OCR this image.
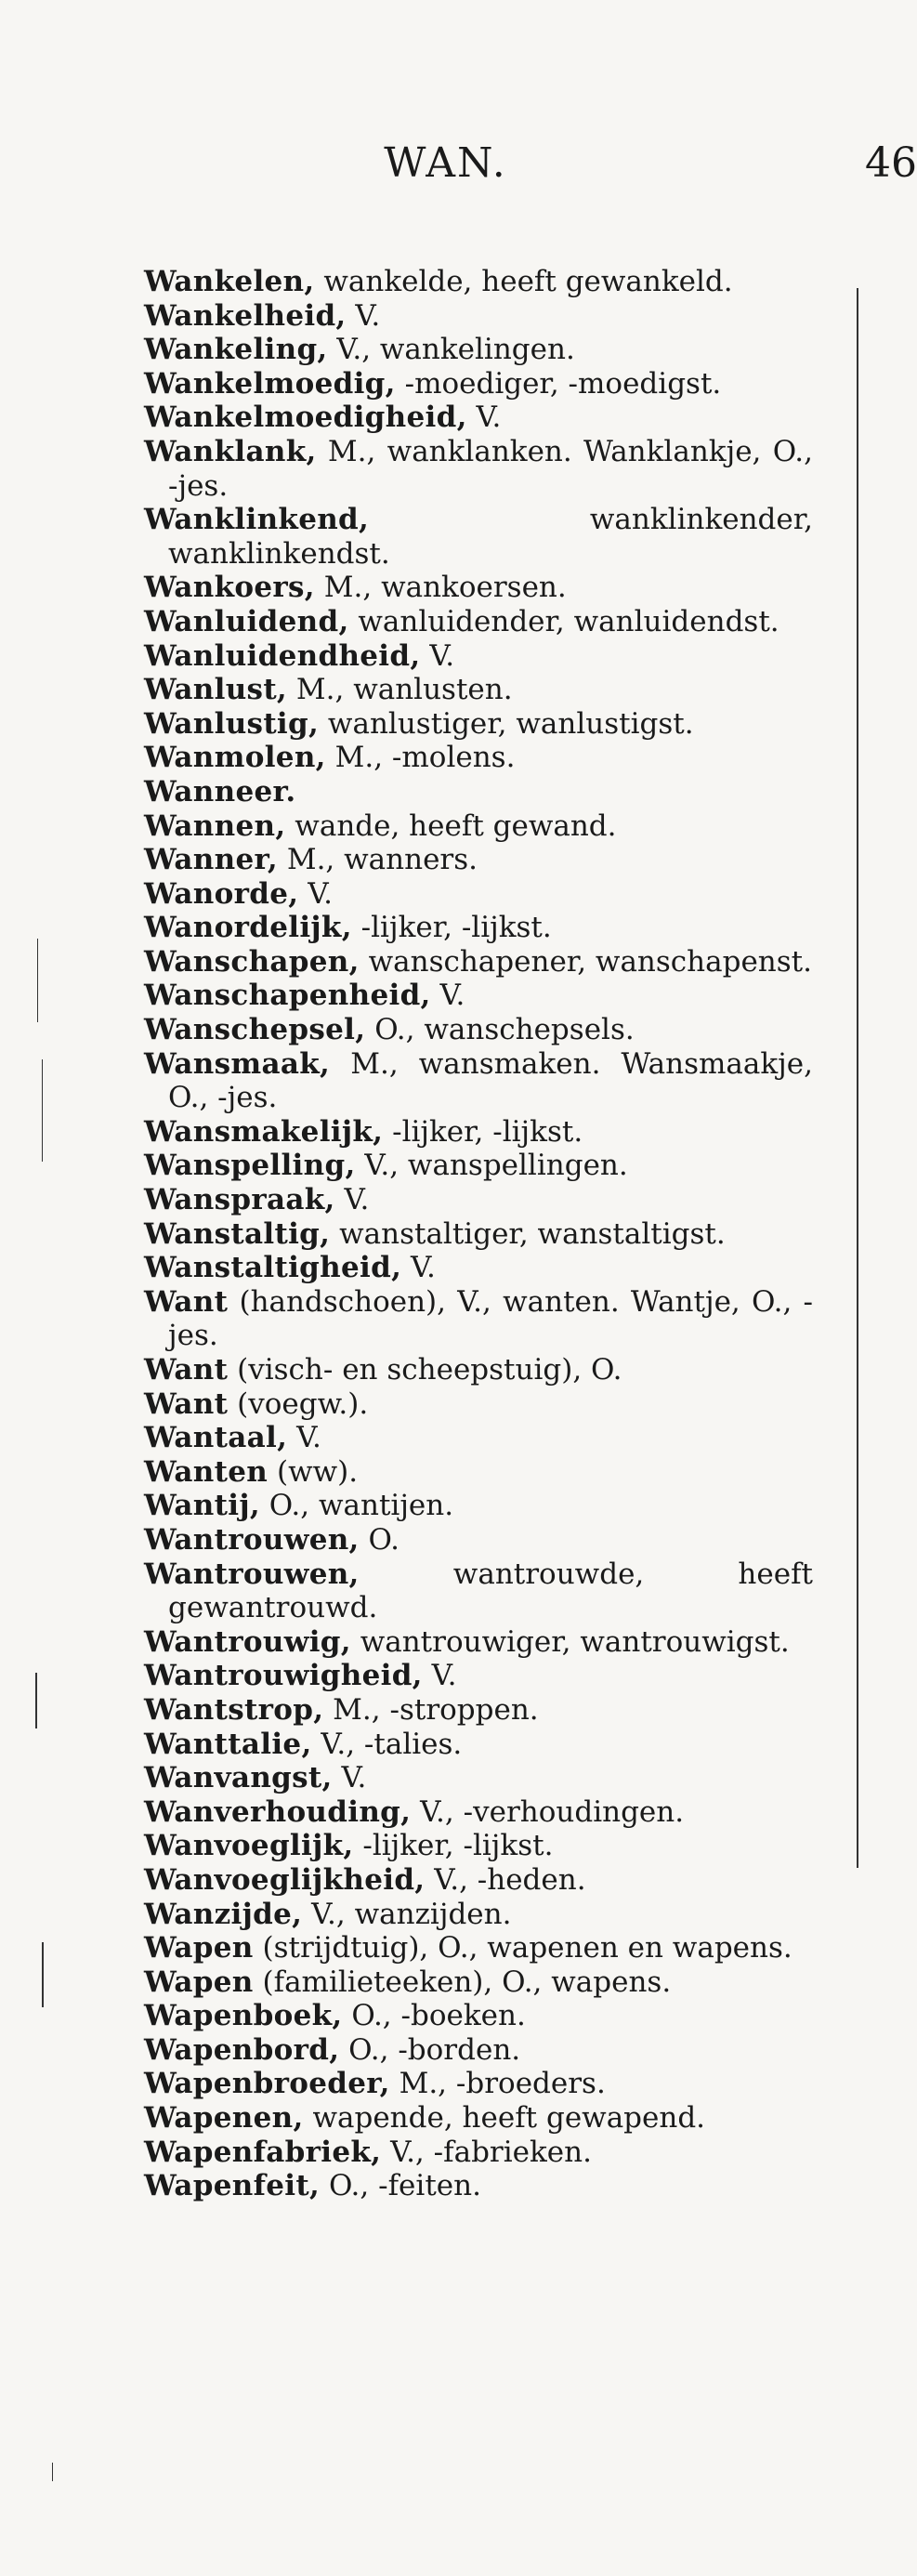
WAN.	46
Wankelen, wankelde, heeft gewankeld.
Wankelheid, V.
Wankeling, V., wankelingen.
Wankelmoedig, -moediger, -moedigst.
Wankelmoedigheid, V.
Wanklank, M., wanklanken. Wanklankje, O., -jes.
Wanklinkend, wanklinkender, wanklinkendst.
Wankoers, M., wankoersen.
Wanluidend, wanluidender, wanluidendst.
Wanluidendheid, V.
Wanlust, M., wanlusten.
Wanlustig, wanlustiger, wanlustigst.
Wanmolen, M., -molens.
Wanneer.
Wannen, wande, heeft gewand.
Wanner, M., wanners.
Wanorde, V.
Wanordelijk, -lijker, -lijkst.
Wanschapen, wanschapener, wanschapenst.
Wanschapenheid, V.
Wanschepsel, O., wanschepsels.
Wansmaak, M., wansmaken. Wansmaakje, O., -jes.
Wansmakelijk, -lijker, -lijkst.
Wanspelling, V., wanspellingen.
Wanspraak, V.
Wanstaltig, wanstaltiger, wanstaltigst.
Wanstaltigheid, V.
Want (handschoen), V., wanten. Wantje, O., -jes.
Want (visch- en scheepstuig), O.
Want (voegw.).
Wantaal, V.
Wanten (ww).
Wantij, O., wantijen.
Wantrouwen, O.
Wantrouwen, wantrouwde, heeft gewantrouwd.
Wantrouwig, wantrouwiger, wantrouwigst.
Wantrouwigheid, V.
Wantstrop, M., -stroppen.
Wanttalie, V., -talies.
Wanvangst, V.
Wanverhouding, V., -verhoudingen.
Wanvoeglijk, -lijker, -lijkst.
Wanvoeglijkheid, V., -heden.
Wanzijde, V., wanzijden.
Wapen (strijdtuig), O., wapenen en wapens.
Wapen (familieteeken), O., wapens.
Wapenboek, O., -boeken.
Wapenbord, O., -borden.
Wapenbroeder, M., -broeders.
Wapenen, wapende, heeft gewapend.
Wapenfabriek, V., -fabrieken.
Wapenfeit, O., -feiten.
